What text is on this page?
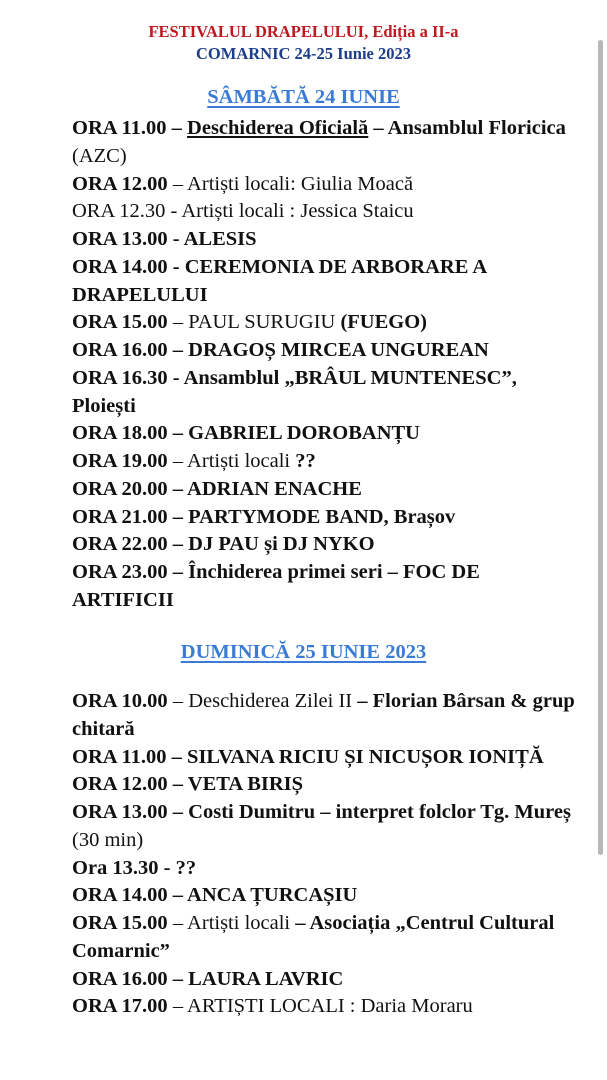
FESTIVALUL DRAPELULUI, Ediția a II-a
COMARNIC 24-25 Iunie 2023
SÂMBĂTĂ 24 IUNIE

ORA 11.00 – Deschiderea Oficială – Ansamblul Floricica (AZC)

ORA 12.00 – Artiști locali: Giulia Moacă

ORA 12.30 - Artiști locali : Jessica Staicu

ORA 13.00 - ALESIS

ORA 14.00 - CEREMONIA DE ARBORARE A DRAPELULUI

ORA 15.00 – PAUL SURUGIU (FUEGO)

ORA 16.00 – DRAGOȘ MIRCEA UNGUREAN

ORA 16.30 - Ansamblul „BRÂUL MUNTENESC”, Ploiești

ORA 18.00 – GABRIEL DOROBANȚU

ORA 19.00 – Artiști locali ??

ORA 20.00 – ADRIAN ENACHE

ORA 21.00 – PARTYMODE BAND, Brașov

ORA 22.00 – DJ PAU și DJ NYKO

ORA 23.00 – Închiderea primei seri – FOC DE ARTIFICII

DUMINICĂ 25 IUNIE 2023

ORA 10.00 – Deschiderea Zilei II – Florian Bârsan & grup chitară

ORA 11.00 – SILVANA RICIU ȘI NICUȘOR IONIȚĂ

ORA 12.00 – VETA BIRIȘ

ORA 13.00 – Costi Dumitru – interpret folclor Tg. Mureș (30 min)

Ora 13.30 - ??

ORA 14.00 – ANCA ȚURCAȘIU

ORA 15.00 – Artiști locali – Asociația „Centrul Cultural Comarnic”

ORA 16.00 – LAURA LAVRIC

ORA 17.00 – ARTIȘTI LOCALI : Daria Moraru
